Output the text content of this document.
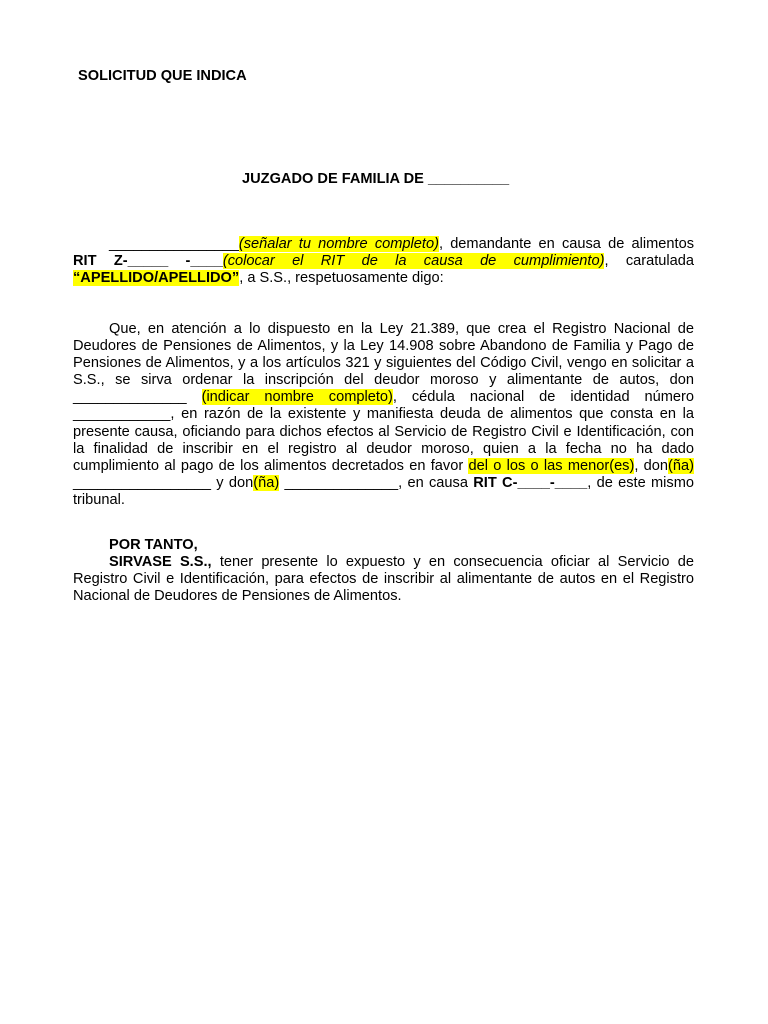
SOLICITUD QUE INDICA
JUZGADO DE FAMILIA DE __________
________________(señalar tu nombre completo), demandante en causa de alimentos RIT Z-_____ -____(colocar el RIT de la causa de cumplimiento), caratulada “APELLIDO/APELLIDO”, a S.S., respetuosamente digo:
Que, en atención a lo dispuesto en la Ley 21.389, que crea el Registro Nacional de Deudores de Pensiones de Alimentos, y la Ley 14.908 sobre Abandono de Familia y Pago de Pensiones de Alimentos, y a los artículos 321 y siguientes del Código Civil, vengo en solicitar a S.S., se sirva ordenar la inscripción del deudor moroso y alimentante de autos, don ______________ (indicar nombre completo), cédula nacional de identidad número ____________, en razón de la existente y manifiesta deuda de alimentos que consta en la presente causa, oficiando para dichos efectos al Servicio de Registro Civil e Identificación, con la finalidad de inscribir en el registro al deudor moroso, quien a la fecha no ha dado cumplimiento al pago de los alimentos decretados en favor del o los o las menor(es), don(ña) _________________ y don(ña) ______________, en causa RIT C-____-____, de este mismo tribunal.
POR TANTO,
SIRVASE S.S., tener presente lo expuesto y en consecuencia oficiar al Servicio de Registro Civil e Identificación, para efectos de inscribir al alimentante de autos en el Registro Nacional de Deudores de Pensiones de Alimentos.
